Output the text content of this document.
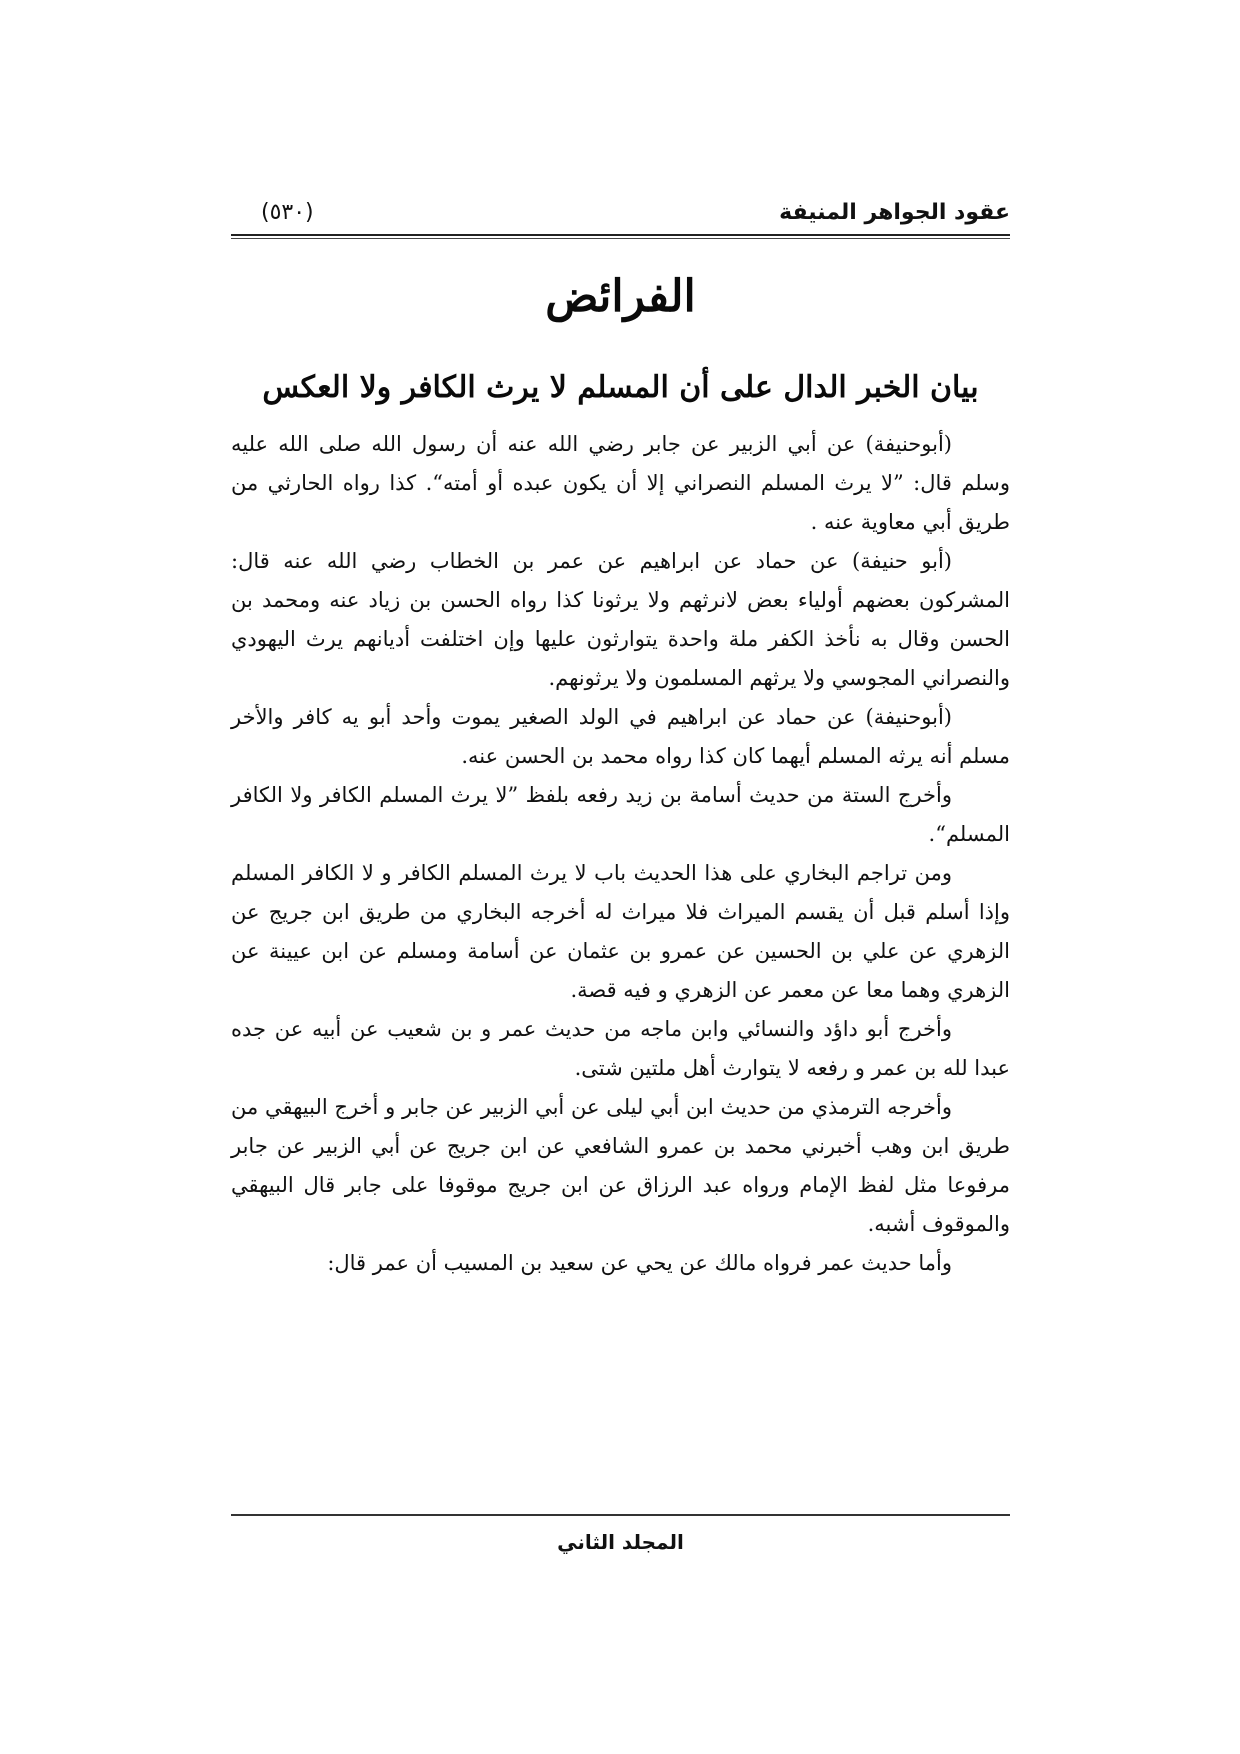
عقود الجواهر المنيفة
(٥٣٠)
الفرائض
بيان الخبر الدال على أن المسلم لا يرث الكافر ولا العكس

(أبوحنيفة) عن أبي الزبير عن جابر رضي الله عنه أن رسول الله صلى الله عليه وسلم قال: ”لا يرث المسلم النصراني إلا أن يكون عبده أو أمته“. كذا رواه الحارثي من طريق أبي معاوية عنه .

(أبو حنيفة) عن حماد عن ابراهيم عن عمر بن الخطاب رضي الله عنه قال: المشركون بعضهم أولياء بعض لانرثهم ولا يرثونا كذا رواه الحسن بن زياد عنه ومحمد بن الحسن وقال به نأخذ الكفر ملة واحدة يتوارثون عليها وإن اختلفت أديانهم يرث اليهودي والنصراني المجوسي ولا يرثهم المسلمون ولا يرثونهم.

(أبوحنيفة) عن حماد عن ابراهيم في الولد الصغير يموت وأحد أبو يه كافر والأخر مسلم أنه يرثه المسلم أيهما كان كذا رواه محمد بن الحسن عنه.

وأخرج الستة من حديث أسامة بن زيد رفعه بلفظ ”لا يرث المسلم الكافر ولا الكافر المسلم“.

ومن تراجم البخاري على هذا الحديث باب لا يرث المسلم الكافر و لا الكافر المسلم وإذا أسلم قبل أن يقسم الميراث فلا ميراث له أخرجه البخاري من طريق ابن جريج عن الزهري عن علي بن الحسين عن عمرو بن عثمان عن أسامة ومسلم عن ابن عيينة عن الزهري وهما معا عن معمر عن الزهري و فيه قصة.

وأخرج أبو داؤد والنسائي وابن ماجه من حديث عمر و بن شعيب عن أبيه عن جده عبدا لله بن عمر و رفعه لا يتوارث أهل ملتين شتى.

وأخرجه الترمذي من حديث ابن أبي ليلى عن أبي الزبير عن جابر و أخرج البيهقي من طريق ابن وهب أخبرني محمد بن عمرو الشافعي عن ابن جريج عن أبي الزبير عن جابر مرفوعا مثل لفظ الإمام ورواه عبد الرزاق عن ابن جريج موقوفا على جابر قال البيهقي والموقوف أشبه.

وأما حديث عمر فرواه مالك عن يحي عن سعيد بن المسيب أن عمر قال:

المجلد الثاني
